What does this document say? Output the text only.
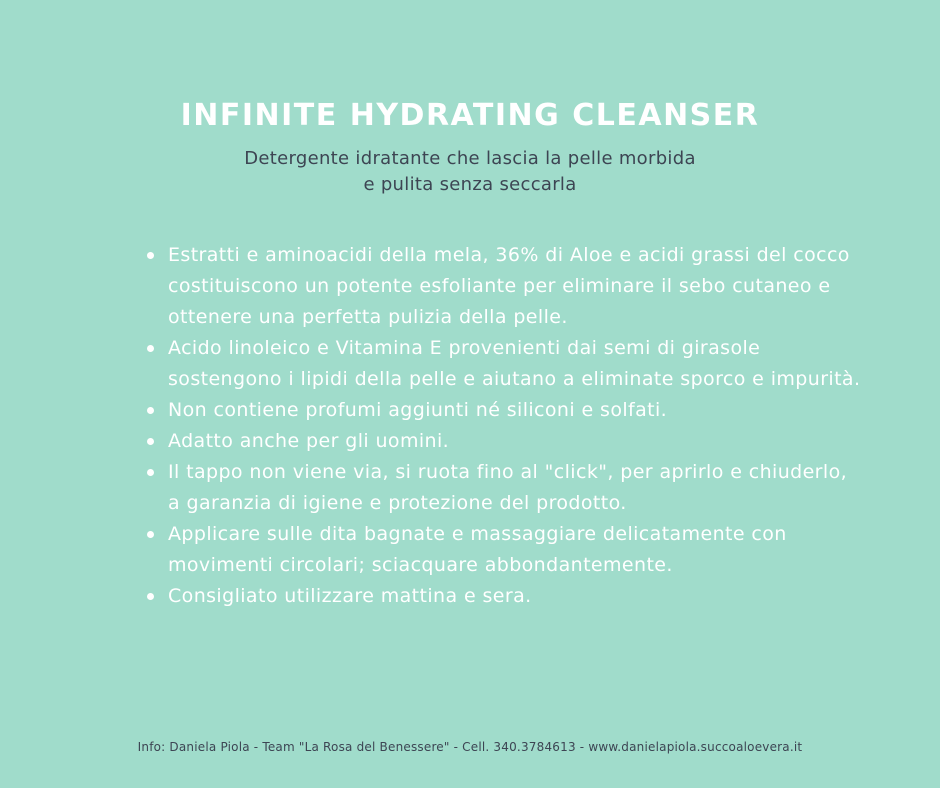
INFINITE HYDRATING CLEANSER
Detergente idratante che lascia la pelle morbida
e pulita senza seccarla
Estratti e aminoacidi della mela, 36% di Aloe e acidi grassi del cocco costituiscono un potente esfoliante per eliminare il sebo cutaneo e ottenere una perfetta pulizia della pelle.
Acido linoleico e Vitamina E provenienti dai semi di girasole sostengono i lipidi della pelle e aiutano a eliminate sporco e impurità.
Non contiene profumi aggiunti né siliconi e solfati.
Adatto anche per gli uomini.
Il tappo non viene via, si ruota fino al "click", per aprirlo e chiuderlo, a garanzia di igiene e protezione del prodotto.
Applicare sulle dita bagnate e massaggiare delicatamente con movimenti circolari; sciacquare abbondantemente.
Consigliato utilizzare mattina e sera.
Info: Daniela Piola - Team "La Rosa del Benessere" - Cell. 340.3784613 - www.danielapiola.succoaloevera.it
